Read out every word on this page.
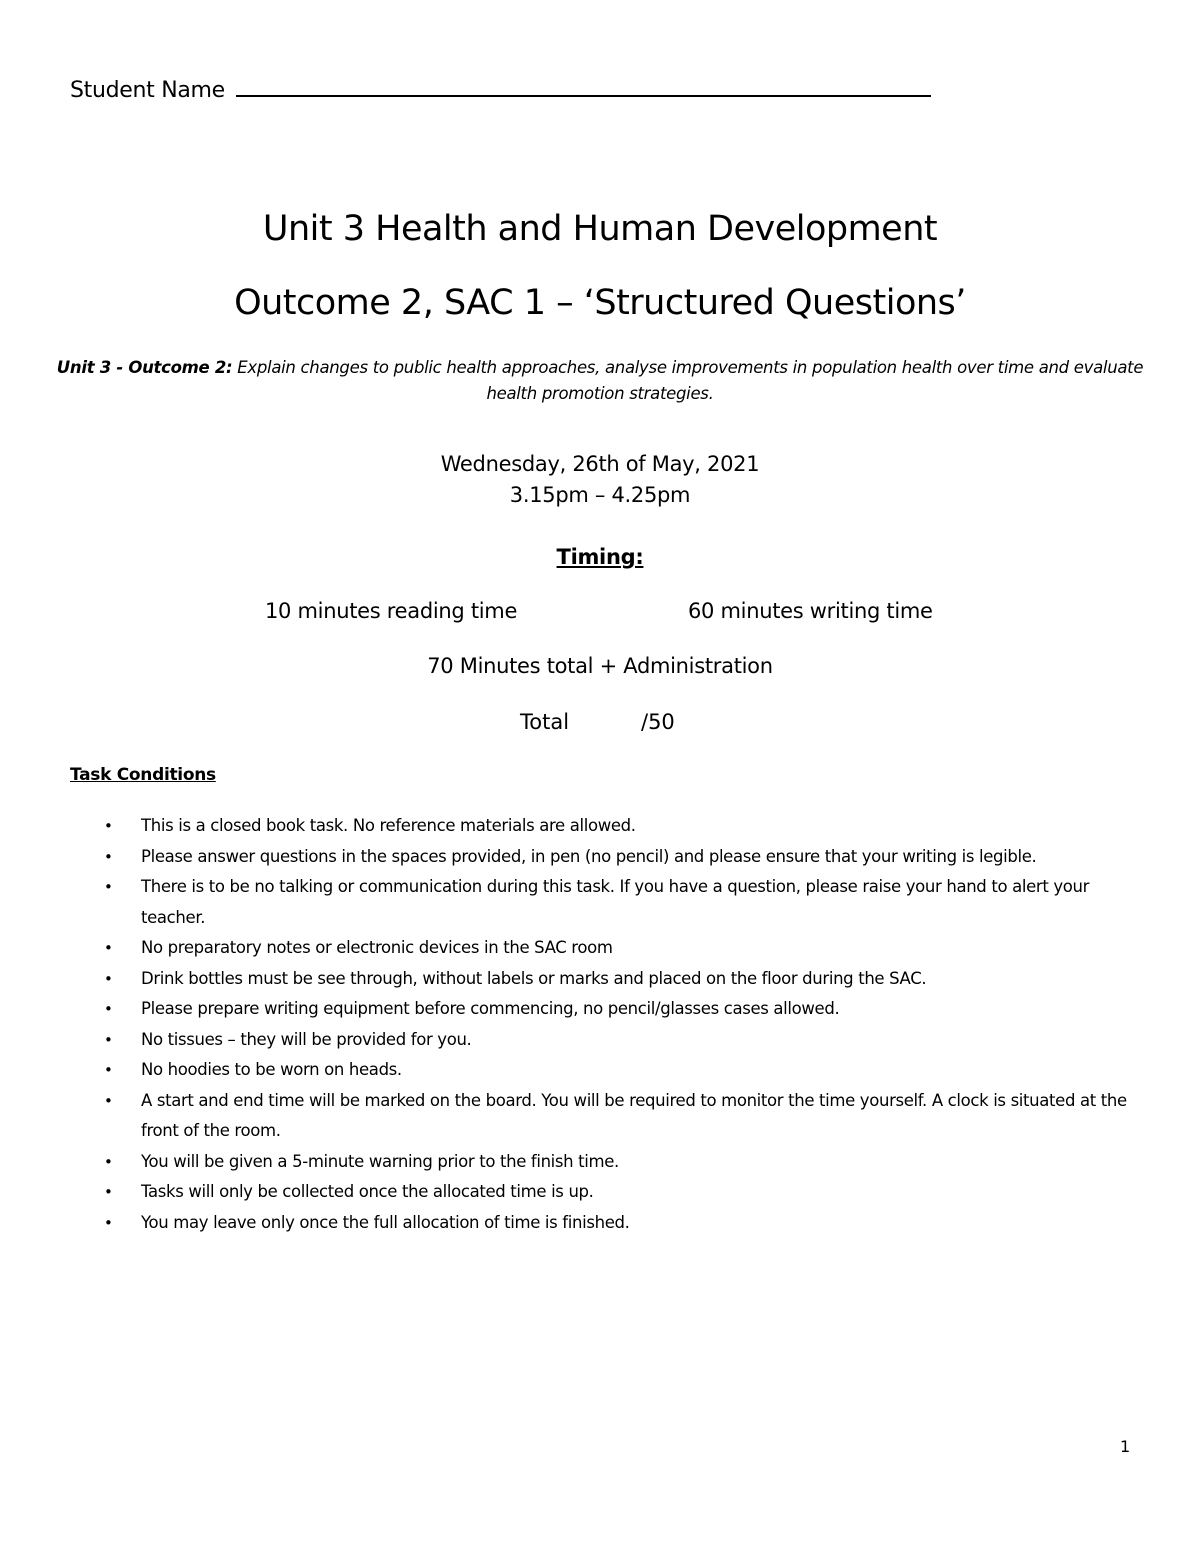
Student Name
Unit 3 Health and Human Development
Outcome 2, SAC 1 – ‘Structured Questions’
Unit 3 - Outcome 2: Explain changes to public health approaches, analyse improvements in population health over time and evaluate health promotion strategies.
Wednesday, 26th of May, 2021
3.15pm – 4.25pm
Timing:
10 minutes reading time	60 minutes writing time
70 Minutes total + Administration
Total	/50
Task Conditions
• This is a closed book task. No reference materials are allowed.
• Please answer questions in the spaces provided, in pen (no pencil) and please ensure that your writing is legible.
• There is to be no talking or communication during this task. If you have a question, please raise your hand to alert your teacher.
• No preparatory notes or electronic devices in the SAC room
• Drink bottles must be see through, without labels or marks and placed on the floor during the SAC.
• Please prepare writing equipment before commencing, no pencil/glasses cases allowed.
• No tissues – they will be provided for you.
• No hoodies to be worn on heads.
• A start and end time will be marked on the board. You will be required to monitor the time yourself. A clock is situated at the front of the room.
• You will be given a 5-minute warning prior to the finish time.
• Tasks will only be collected once the allocated time is up.
• You may leave only once the full allocation of time is finished.
1
